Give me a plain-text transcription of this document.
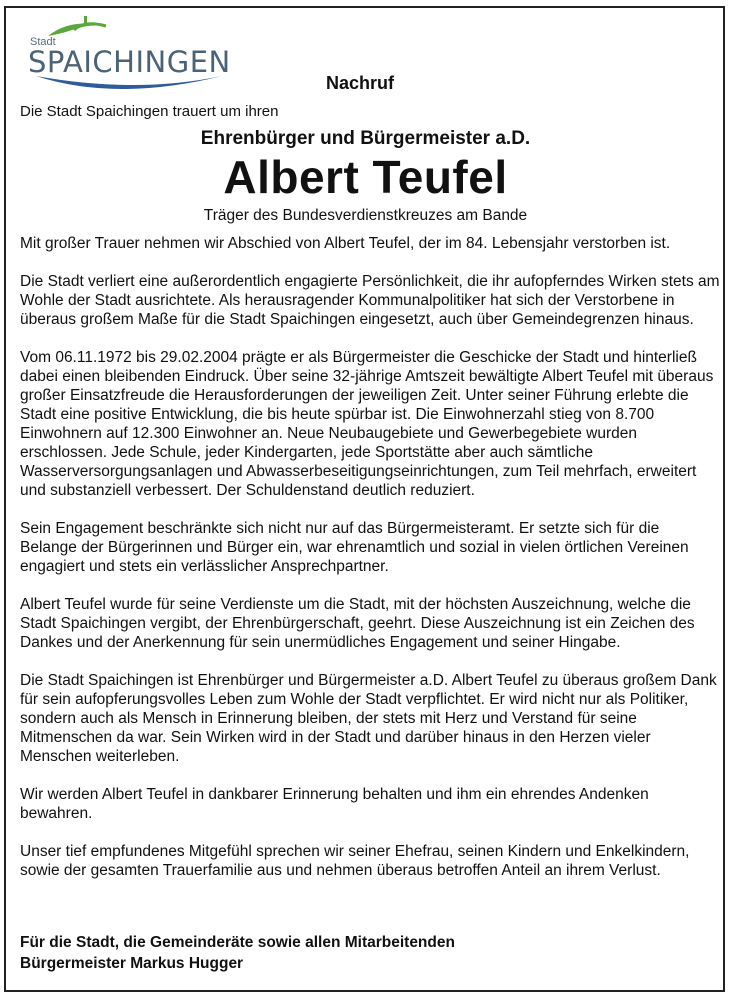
Stadt
SPAICHINGEN
Nachruf
Die Stadt Spaichingen trauert um ihren
Ehrenbürger und Bürgermeister a.D.
Albert Teufel
Träger des Bundesverdienstkreuzes am Bande

Mit großer Trauer nehmen wir Abschied von Albert Teufel, der im 84. Lebensjahr verstorben ist.

Die Stadt verliert eine außerordentlich engagierte Persönlichkeit, die ihr aufopferndes Wirken stets am Wohle der Stadt ausrichtete. Als herausragender Kommunalpolitiker hat sich der Verstorbene in überaus großem Maße für die Stadt Spaichingen eingesetzt, auch über Gemeindegrenzen hinaus.

Vom 06.11.1972 bis 29.02.2004 prägte er als Bürgermeister die Geschicke der Stadt und hinterließ dabei einen bleibenden Eindruck. Über seine 32-jährige Amtszeit bewältigte Albert Teufel mit überaus großer Einsatzfreude die Herausforderungen der jeweiligen Zeit. Unter seiner Führung erlebte die Stadt eine positive Entwicklung, die bis heute spürbar ist. Die Einwohnerzahl stieg von 8.700 Einwohnern auf 12.300 Einwohner an. Neue Neubaugebiete und Gewerbegebiete wurden erschlossen. Jede Schule, jeder Kindergarten, jede Sportstätte aber auch sämtliche Wasserversorgungsanlagen und Abwasserbeseitigungseinrichtungen, zum Teil mehrfach, erweitert und substanziell verbessert. Der Schuldenstand deutlich reduziert.

Sein Engagement beschränkte sich nicht nur auf das Bürgermeisteramt. Er setzte sich für die Belange der Bürgerinnen und Bürger ein, war ehrenamtlich und sozial in vielen örtlichen Vereinen engagiert und stets ein verlässlicher Ansprechpartner.

Albert Teufel wurde für seine Verdienste um die Stadt, mit der höchsten Auszeichnung, welche die Stadt Spaichingen vergibt, der Ehrenbürgerschaft, geehrt. Diese Auszeichnung ist ein Zeichen des Dankes und der Anerkennung für sein unermüdliches Engagement und seiner Hingabe.

Die Stadt Spaichingen ist Ehrenbürger und Bürgermeister a.D. Albert Teufel zu überaus großem Dank für sein aufopferungsvolles Leben zum Wohle der Stadt verpflichtet. Er wird nicht nur als Politiker, sondern auch als Mensch in Erinnerung bleiben, der stets mit Herz und Verstand für seine Mitmenschen da war. Sein Wirken wird in der Stadt und darüber hinaus in den Herzen vieler Menschen weiterleben.

Wir werden Albert Teufel in dankbarer Erinnerung behalten und ihm ein ehrendes Andenken bewahren.

Unser tief empfundenes Mitgefühl sprechen wir seiner Ehefrau, seinen Kindern und Enkelkindern, sowie der gesamten Trauerfamilie aus und nehmen überaus betroffen Anteil an ihrem Verlust.

Für die Stadt, die Gemeinderäte sowie allen Mitarbeitenden
Bürgermeister Markus Hugger
